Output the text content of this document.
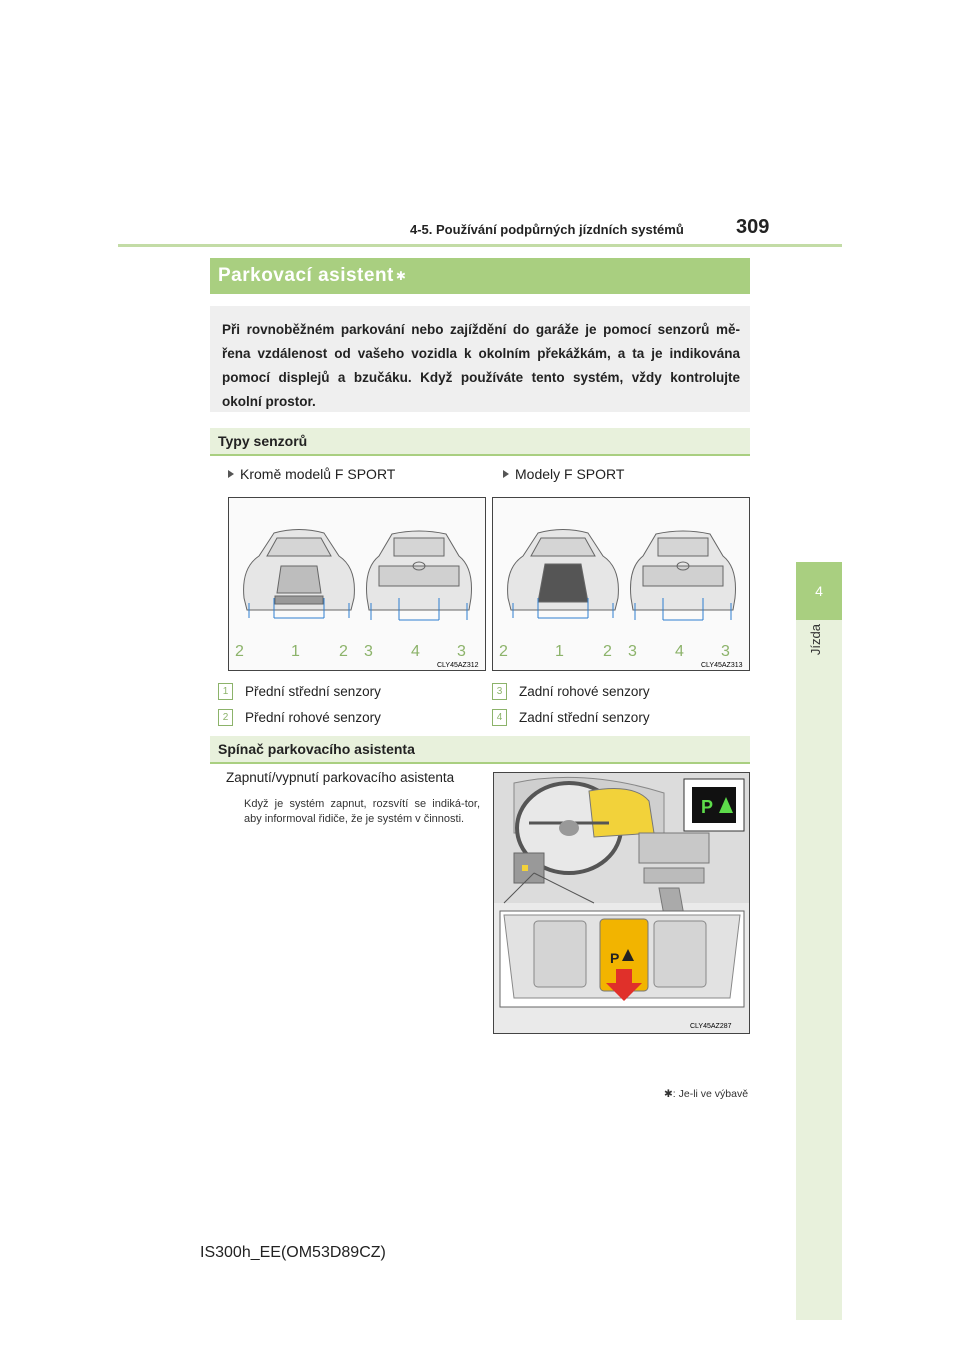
4-5. Používání podpůrných jízdních systémů	309
4
Jízda
Parkovací asistent ✱
Při rovnoběžném parkování nebo zajíždění do garáže je pomocí senzorů mě-řena vzdálenost od vašeho vozidla k okolním překážkám, a ta je indikována pomocí displejů a bzučáku. Když používáte tento systém, vždy kontrolujte okolní prostor.
Typy senzorů
Kromě modelů F SPORT	Modely F SPORT
2	1 2 3 4 3
CLY45AZ312
2	1 2 3 4 3
CLY45AZ313
1	Přední střední senzory
2	Přední rohové senzory
3	Zadní rohové senzory
4	Zadní střední senzory
Spínač parkovacího asistenta
Zapnutí/vypnutí parkovacího asistenta
Když je systém zapnut, rozsvítí se indiká-tor, aby informoval řidiče, že je systém v činnosti.
P
P
CLY45AZ287
✱: Je-li ve výbavě
IS300h_EE(OM53D89CZ)
